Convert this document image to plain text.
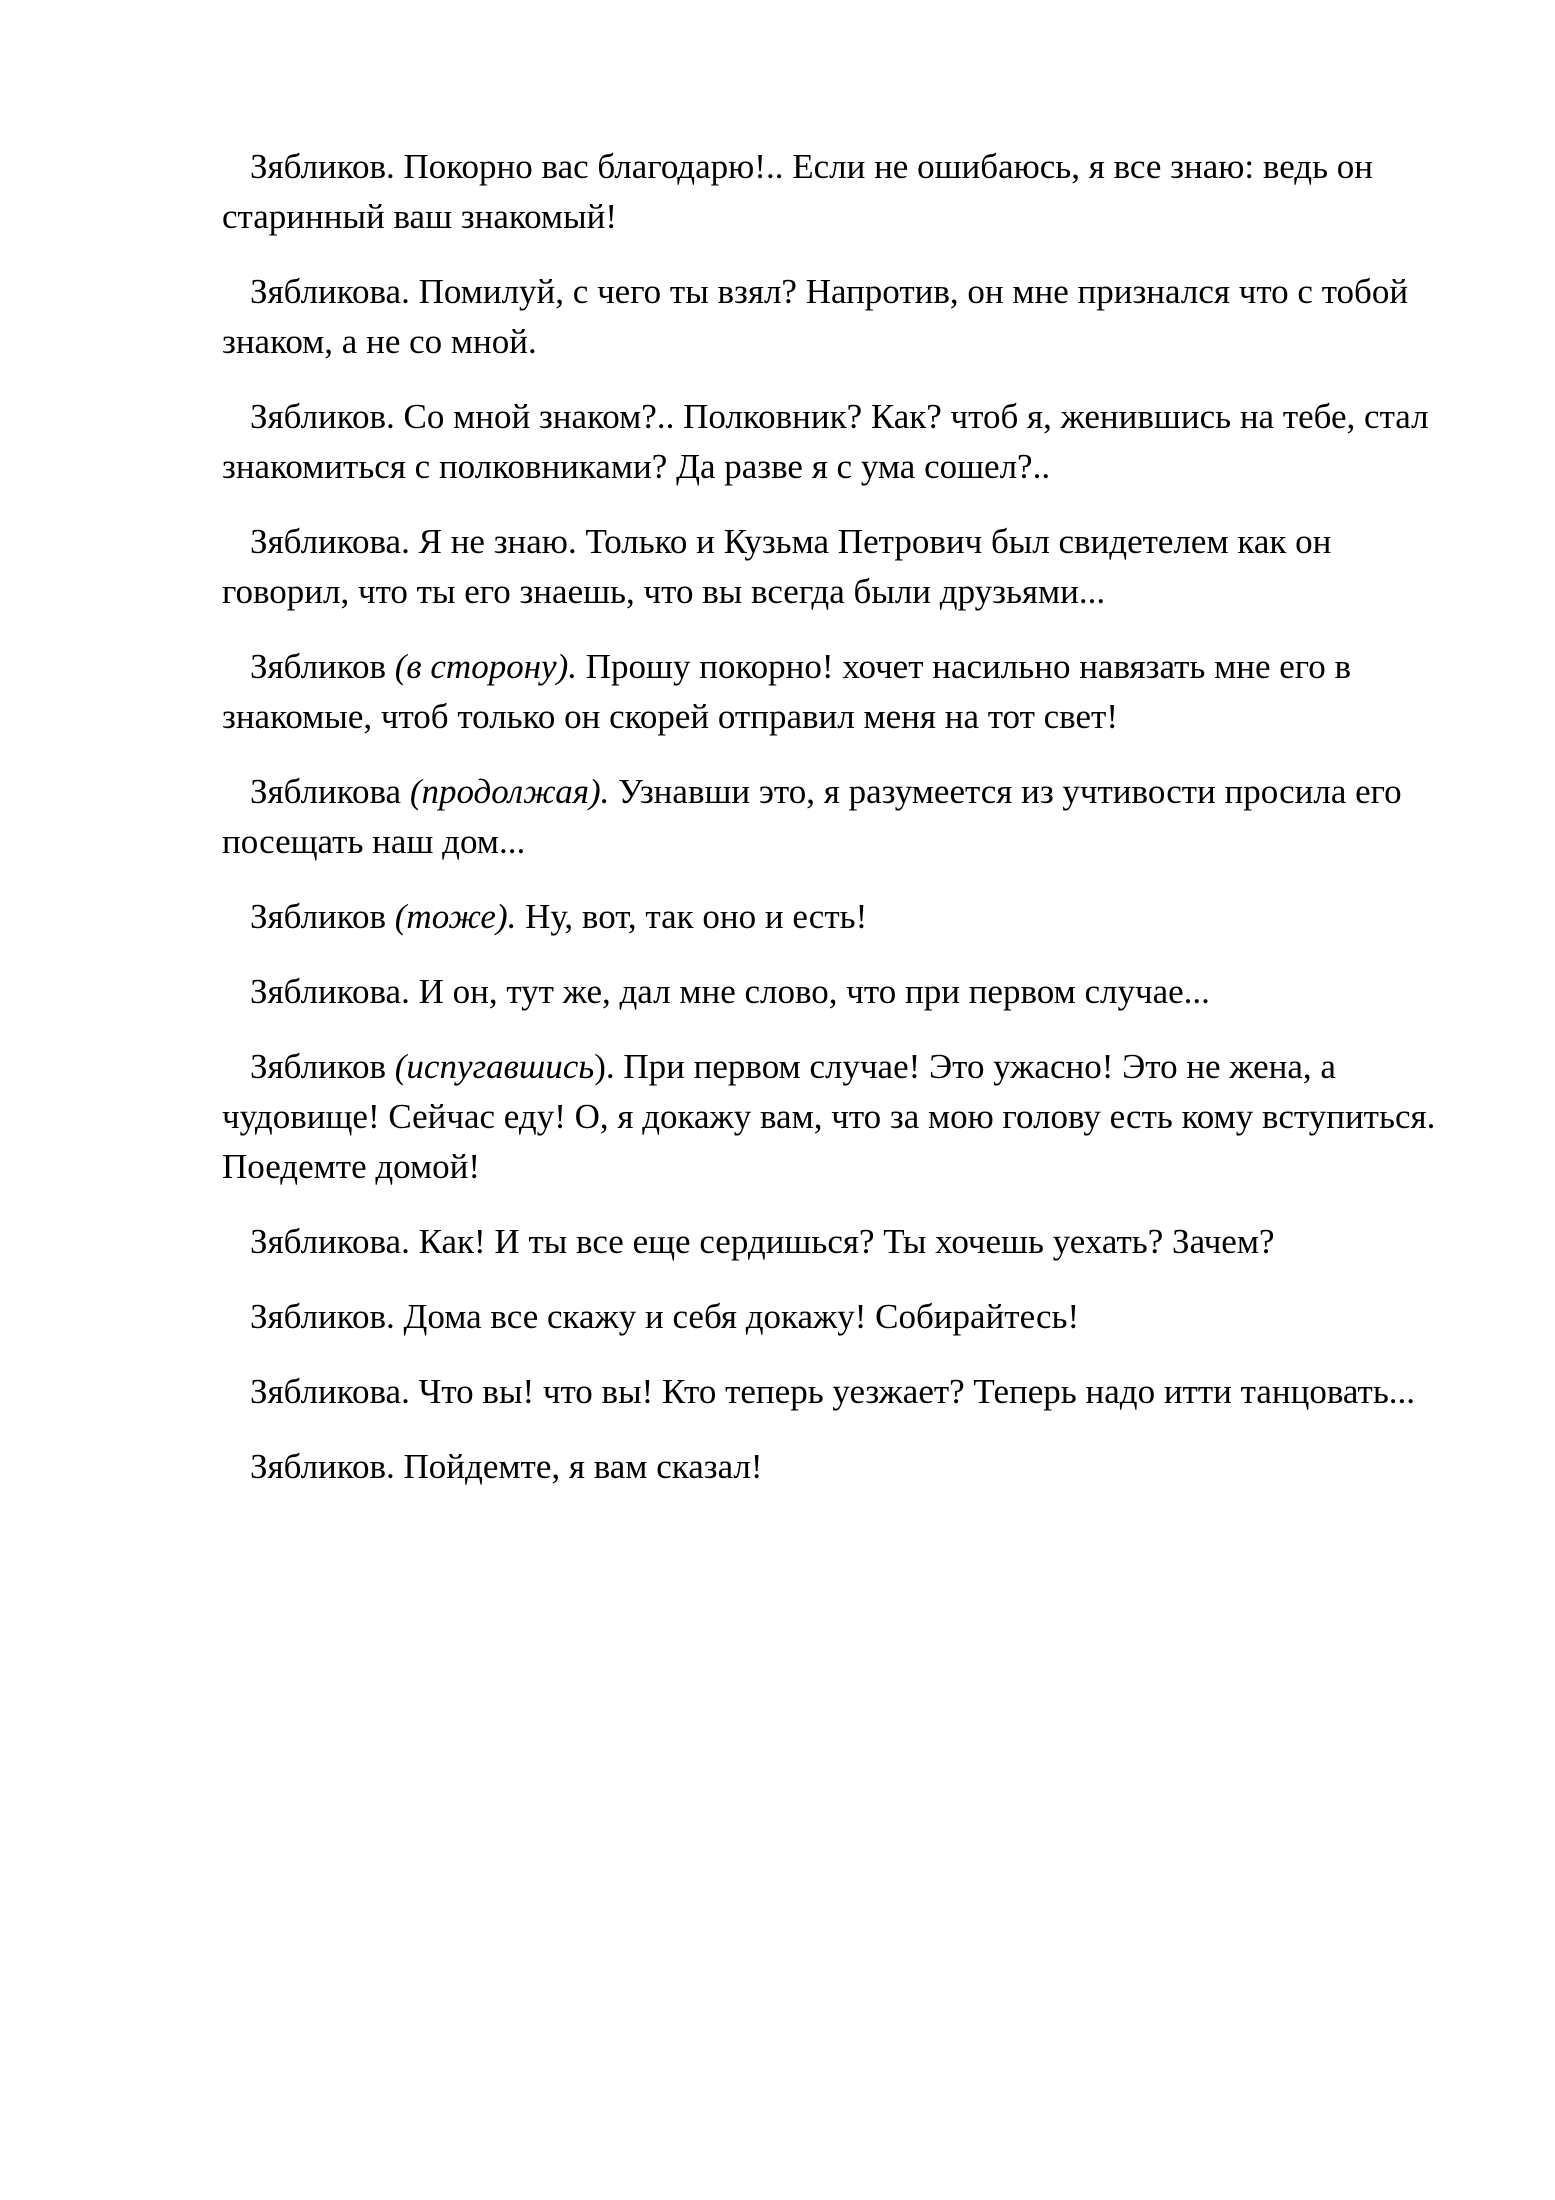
Зябликов. Покорно вас благодарю!.. Если не ошибаюсь, я все знаю: ведь он старинный ваш знакомый!

Зябликова. Помилуй, с чего ты взял? Напротив, он мне признался что с тобой знаком, а не со мной.

Зябликов. Со мной знаком?.. Полковник? Как? чтоб я, женившись на тебе, стал знакомиться с полковниками? Да разве я с ума сошел?..

Зябликова. Я не знаю. Только и Кузьма Петрович был свидетелем как он говорил, что ты его знаешь, что вы всегда были друзьями...

Зябликов (в сторону). Прошу покорно! хочет насильно навязать мне его в знакомые, чтоб только он скорей отправил меня на тот свет!

Зябликова (продолжая). Узнавши это, я разумеется из учтивости просила его посещать наш дом...

Зябликов (тоже). Ну, вот, так оно и есть!

Зябликова. И он, тут же, дал мне слово, что при первом случае...

Зябликов (испугавшись). При первом случае! Это ужасно! Это не жена, а чудовище! Сейчас еду! О, я докажу вам, что за мою голову есть кому вступиться. Поедемте домой!

Зябликова. Как! И ты все еще сердишься? Ты хочешь уехать? Зачем?

Зябликов. Дома все скажу и себя докажу! Собирайтесь!

Зябликова. Что вы! что вы! Кто теперь уезжает? Теперь надо итти танцовать...

Зябликов. Пойдемте, я вам сказал!
